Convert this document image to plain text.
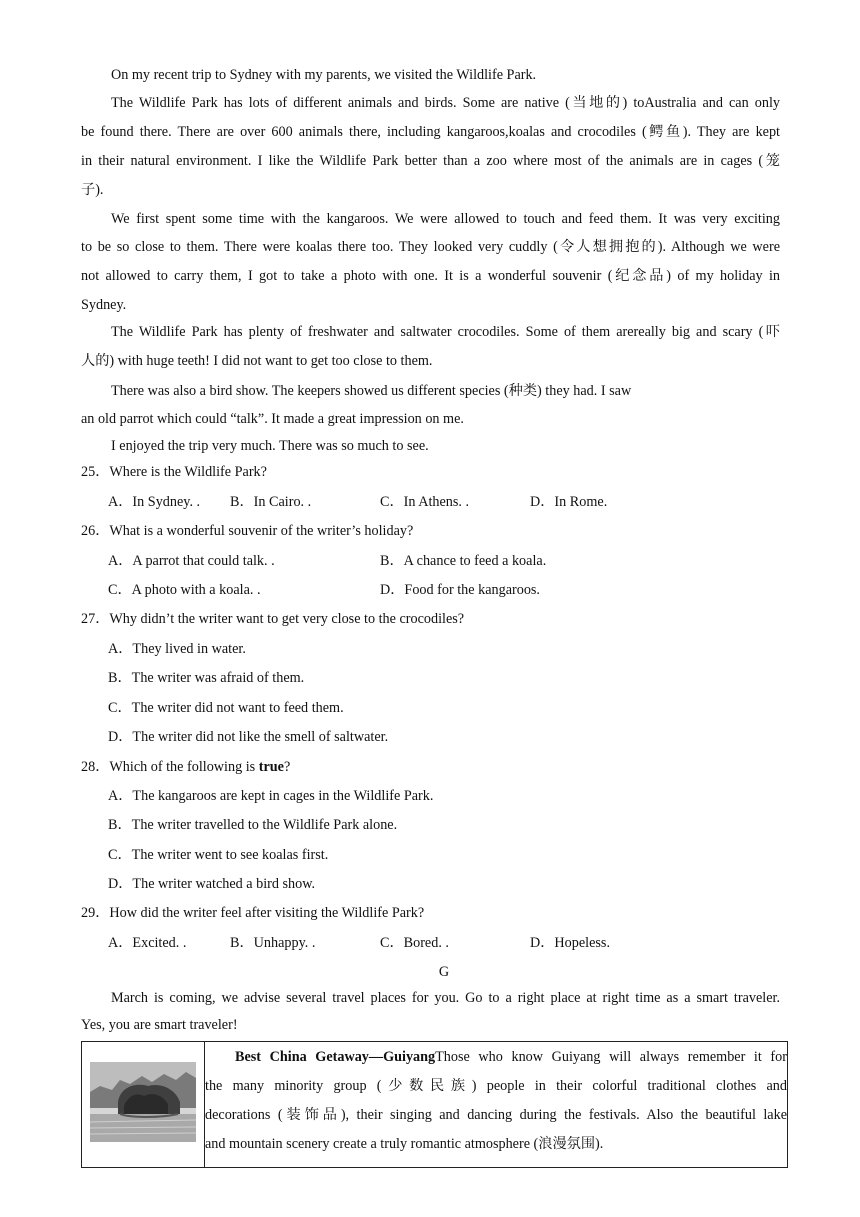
On my recent trip to Sydney with my parents, we visited the Wildlife Park.
The Wildlife Park has lots of different animals and birds. Some are native (当地的) toAustralia and can only
be found there. There are over 600 animals there, including kangaroos,koalas and crocodiles (鳄鱼). They are kept
in their natural environment. I like the Wildlife Park better than a zoo where most of the animals are in cages (笼
子).
We first spent some time with the kangaroos. We were allowed to touch and feed them. It was very exciting
to be so close to them. There were koalas there too. They looked very cuddly (令人想拥抱的). Although we were
not allowed to carry them, I got to take a photo with one. It is a wonderful souvenir (纪念品) of my holiday in
Sydney.
The Wildlife Park has plenty of freshwater and saltwater crocodiles. Some of them arereally big and scary (吓
人的) with huge teeth! I did not want to get too close to them.
There was also a bird show. The keepers showed us different species (种类) they had. I saw
an old parrot which could “talk”. It made a great impression on me.
I enjoyed the trip very much. There was so much to see.
25．Where is the Wildlife Park?
A．In Sydney. . B．In Cairo. .	C．In Athens. .	D．In Rome.
26．What is a wonderful souvenir of the writer’s holiday?
A．A parrot that could talk. .	B．A chance to feed a koala.
C．A photo with a koala. .	D．Food for the kangaroos.
27．Why didn’t the writer want to get very close to the crocodiles?
A．They lived in water.
B．The writer was afraid of them.
C．The writer did not want to feed them.
D．The writer did not like the smell of saltwater.
28．Which of the following is true?
A．The kangaroos are kept in cages in the Wildlife Park.
B．The writer travelled to the Wildlife Park alone.
C．The writer went to see koalas first.
D．The writer watched a bird show.
29．How did the writer feel after visiting the Wildlife Park?
A．Excited. .	B．Unhappy. .	C．Bored. .	D．Hopeless.
G
March is coming, we advise several travel places for you. Go to a right place at right time as a smart traveler.
Yes, you are smart traveler!

Best China Getaway—GuiyangThose who know Guiyang will always remember it for
the many minority group (少数民族) people in their colorful traditional clothes and
decorations (装饰品), their singing and dancing during the festivals. Also the beautiful lake
and mountain scenery create a truly romantic atmosphere (浪漫氛围).
